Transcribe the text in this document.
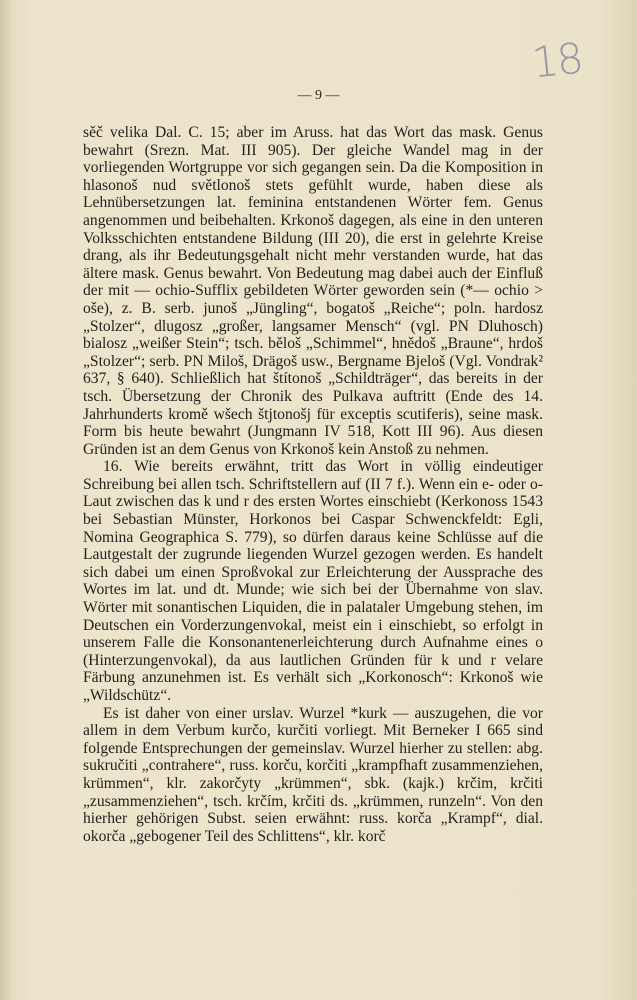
18
— 9 —

sěč velika Dal. C. 15; aber im Aruss. hat das Wort das mask. Genus bewahrt (Srezn. Mat. III 905). Der gleiche Wandel mag in der vorliegenden Wortgruppe vor sich gegangen sein. Da die Komposition in hlasonoš nud světlonoš stets gefühlt wurde, haben diese als Lehnübersetzungen lat. feminina entstandenen Wörter fem. Genus angenommen und beibehalten. Krkonoš dagegen, als eine in den unteren Volksschichten entstandene Bildung (III 20), die erst in gelehrte Kreise drang, als ihr Bedeutungsgehalt nicht mehr verstanden wurde, hat das ältere mask. Genus bewahrt. Von Bedeutung mag dabei auch der Einfluß der mit — ochio-Sufflix gebildeten Wörter geworden sein (*— ochio > oše), z. B. serb. junoš „Jüngling“, bogatoš „Reiche“; poln. hardosz „Stolzer“, dlugosz „großer, langsamer Mensch“ (vgl. PN Dluhosch) bialosz „weißer Stein“; tsch. běloš „Schimmel“, hnědoš „Braune“, hrdoš „Stolzer“; serb. PN Miloš, Drägoš usw., Bergname Bjeloš (Vgl. Vondrak² 637, § 640). Schließlich hat štítonoš „Schildträger“, das bereits in der tsch. Übersetzung der Chronik des Pulkava auftritt (Ende des 14. Jahrhunderts kromě wšech štjtonošj für exceptis scutiferis), seine mask. Form bis heute bewahrt (Jungmann IV 518, Kott III 96). Aus diesen Gründen ist an dem Genus von Krkonoš kein Anstoß zu nehmen.

16. Wie bereits erwähnt, tritt das Wort in völlig eindeutiger Schreibung bei allen tsch. Schriftstellern auf (II 7 f.). Wenn ein e- oder o-Laut zwischen das k und r des ersten Wortes einschiebt (Kerkonoss 1543 bei Sebastian Münster, Horkonos bei Caspar Schwenckfeldt: Egli, Nomina Geographica S. 779), so dürfen daraus keine Schlüsse auf die Lautgestalt der zugrunde liegenden Wurzel gezogen werden. Es handelt sich dabei um einen Sproßvokal zur Erleichterung der Aussprache des Wortes im lat. und dt. Munde; wie sich bei der Übernahme von slav. Wörter mit sonantischen Liquiden, die in palataler Umgebung stehen, im Deutschen ein Vorderzungenvokal, meist ein i einschiebt, so erfolgt in unserem Falle die Konsonantenerleichterung durch Aufnahme eines o (Hinterzungenvokal), da aus lautlichen Gründen für k und r velare Färbung anzunehmen ist. Es verhält sich „Korkonosch“: Krkonoš wie „Wildschütz“.

Es ist daher von einer urslav. Wurzel *kurk — auszugehen, die vor allem in dem Verbum kurčo, kurčiti vorliegt. Mit Berneker I 665 sind folgende Entsprechungen der gemeinslav. Wurzel hierher zu stellen: abg. sukručiti „contrahere“, russ. korču, korčiti „krampfhaft zusammenziehen, krümmen“, klr. zakorčyty „krümmen“, sbk. (kajk.) krčim, krčiti „zusammenziehen“, tsch. krčím, krčiti ds. „krümmen, runzeln“. Von den hierher gehörigen Subst. seien erwähnt: russ. korča „Krampf“, dial. okorča „gebogener Teil des Schlittens“, klr. korč
